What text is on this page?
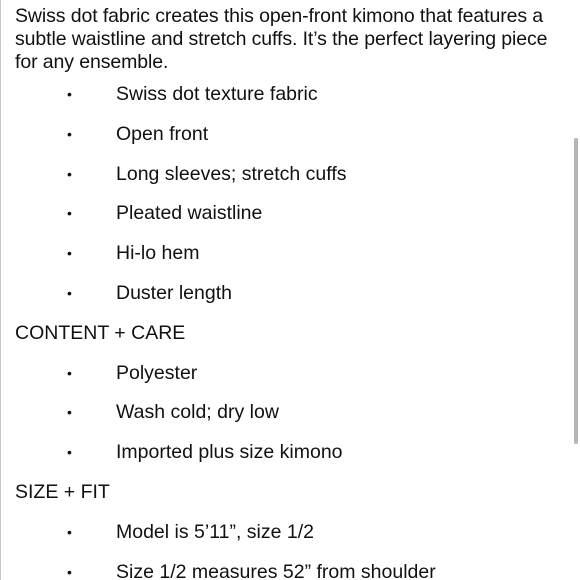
Swiss dot fabric creates this open-front kimono that features a subtle waistline and stretch cuffs. It’s the perfect layering piece for any ensemble.

• Swiss dot texture fabric
• Open front
• Long sleeves; stretch cuffs
• Pleated waistline
• Hi-lo hem
• Duster length
CONTENT + CARE
• Polyester
• Wash cold; dry low
• Imported plus size kimono
SIZE + FIT
• Model is 5’11”, size 1/2
• Size 1/2 measures 52” from shoulder
